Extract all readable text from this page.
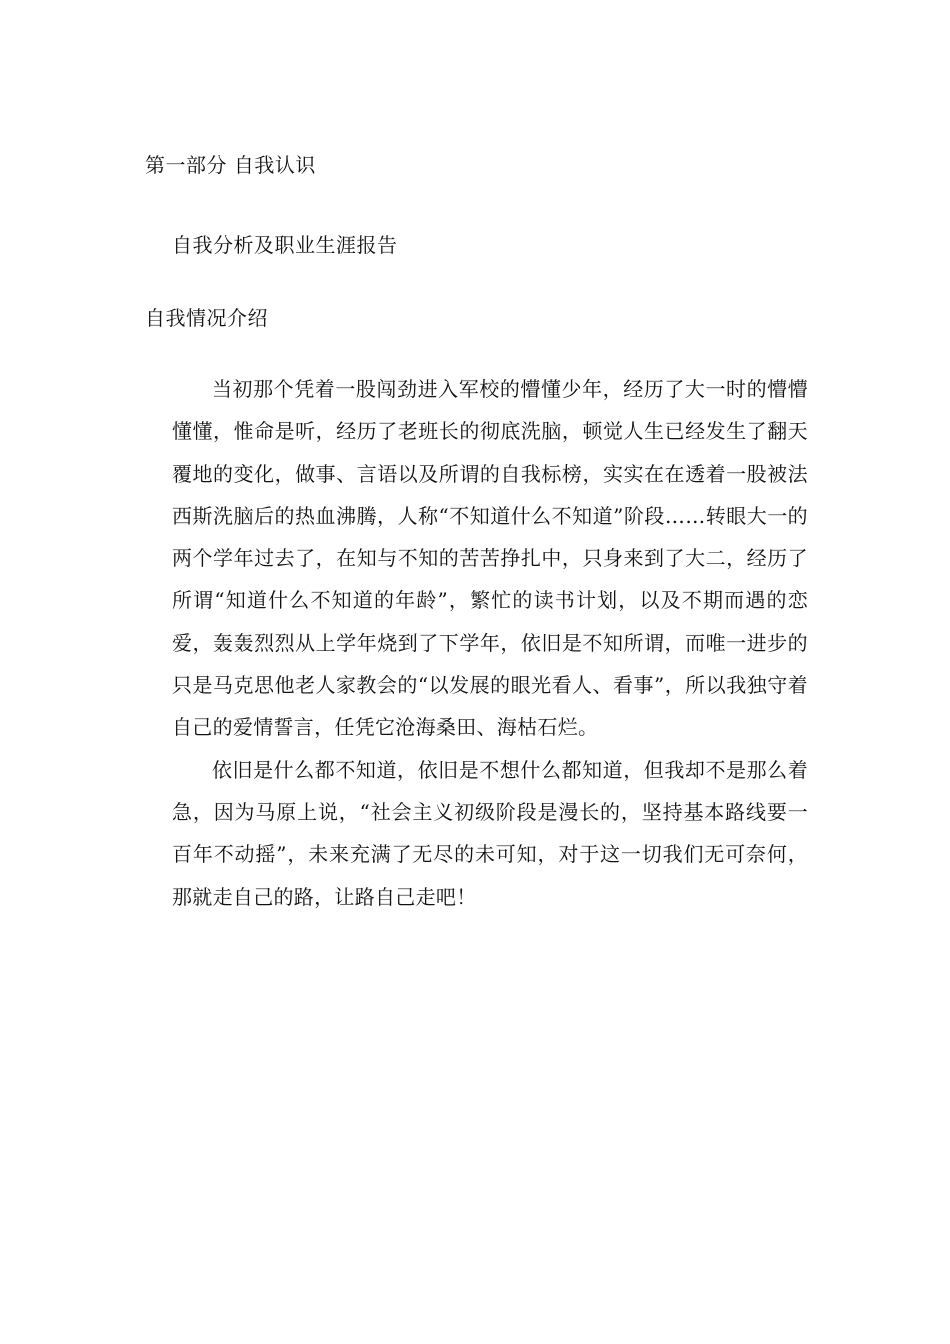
第一部分 自我认识
自我分析及职业生涯报告
自我情况介绍

当初那个凭着一股闯劲进入军校的懵懂少年，经历了大一时的懵懵懂懂，惟命是听，经历了老班长的彻底洗脑，顿觉人生已经发生了翻天覆地的变化，做事、言语以及所谓的自我标榜，实实在在透着一股被法西斯洗脑后的热血沸腾，人称“不知道什么不知道”阶段……转眼大一的两个学年过去了，在知与不知的苦苦挣扎中，只身来到了大二，经历了所谓“知道什么不知道的年龄”，繁忙的读书计划，以及不期而遇的恋爱，轰轰烈烈从上学年烧到了下学年，依旧是不知所谓，而唯一进步的只是马克思他老人家教会的“以发展的眼光看人、看事”，所以我独守着自己的爱情誓言，任凭它沧海桑田、海枯石烂。

依旧是什么都不知道，依旧是不想什么都知道，但我却不是那么着急，因为马原上说，“社会主义初级阶段是漫长的，坚持基本路线要一百年不动摇”，未来充满了无尽的未可知，对于这一切我们无可奈何，那就走自己的路，让路自己走吧！
